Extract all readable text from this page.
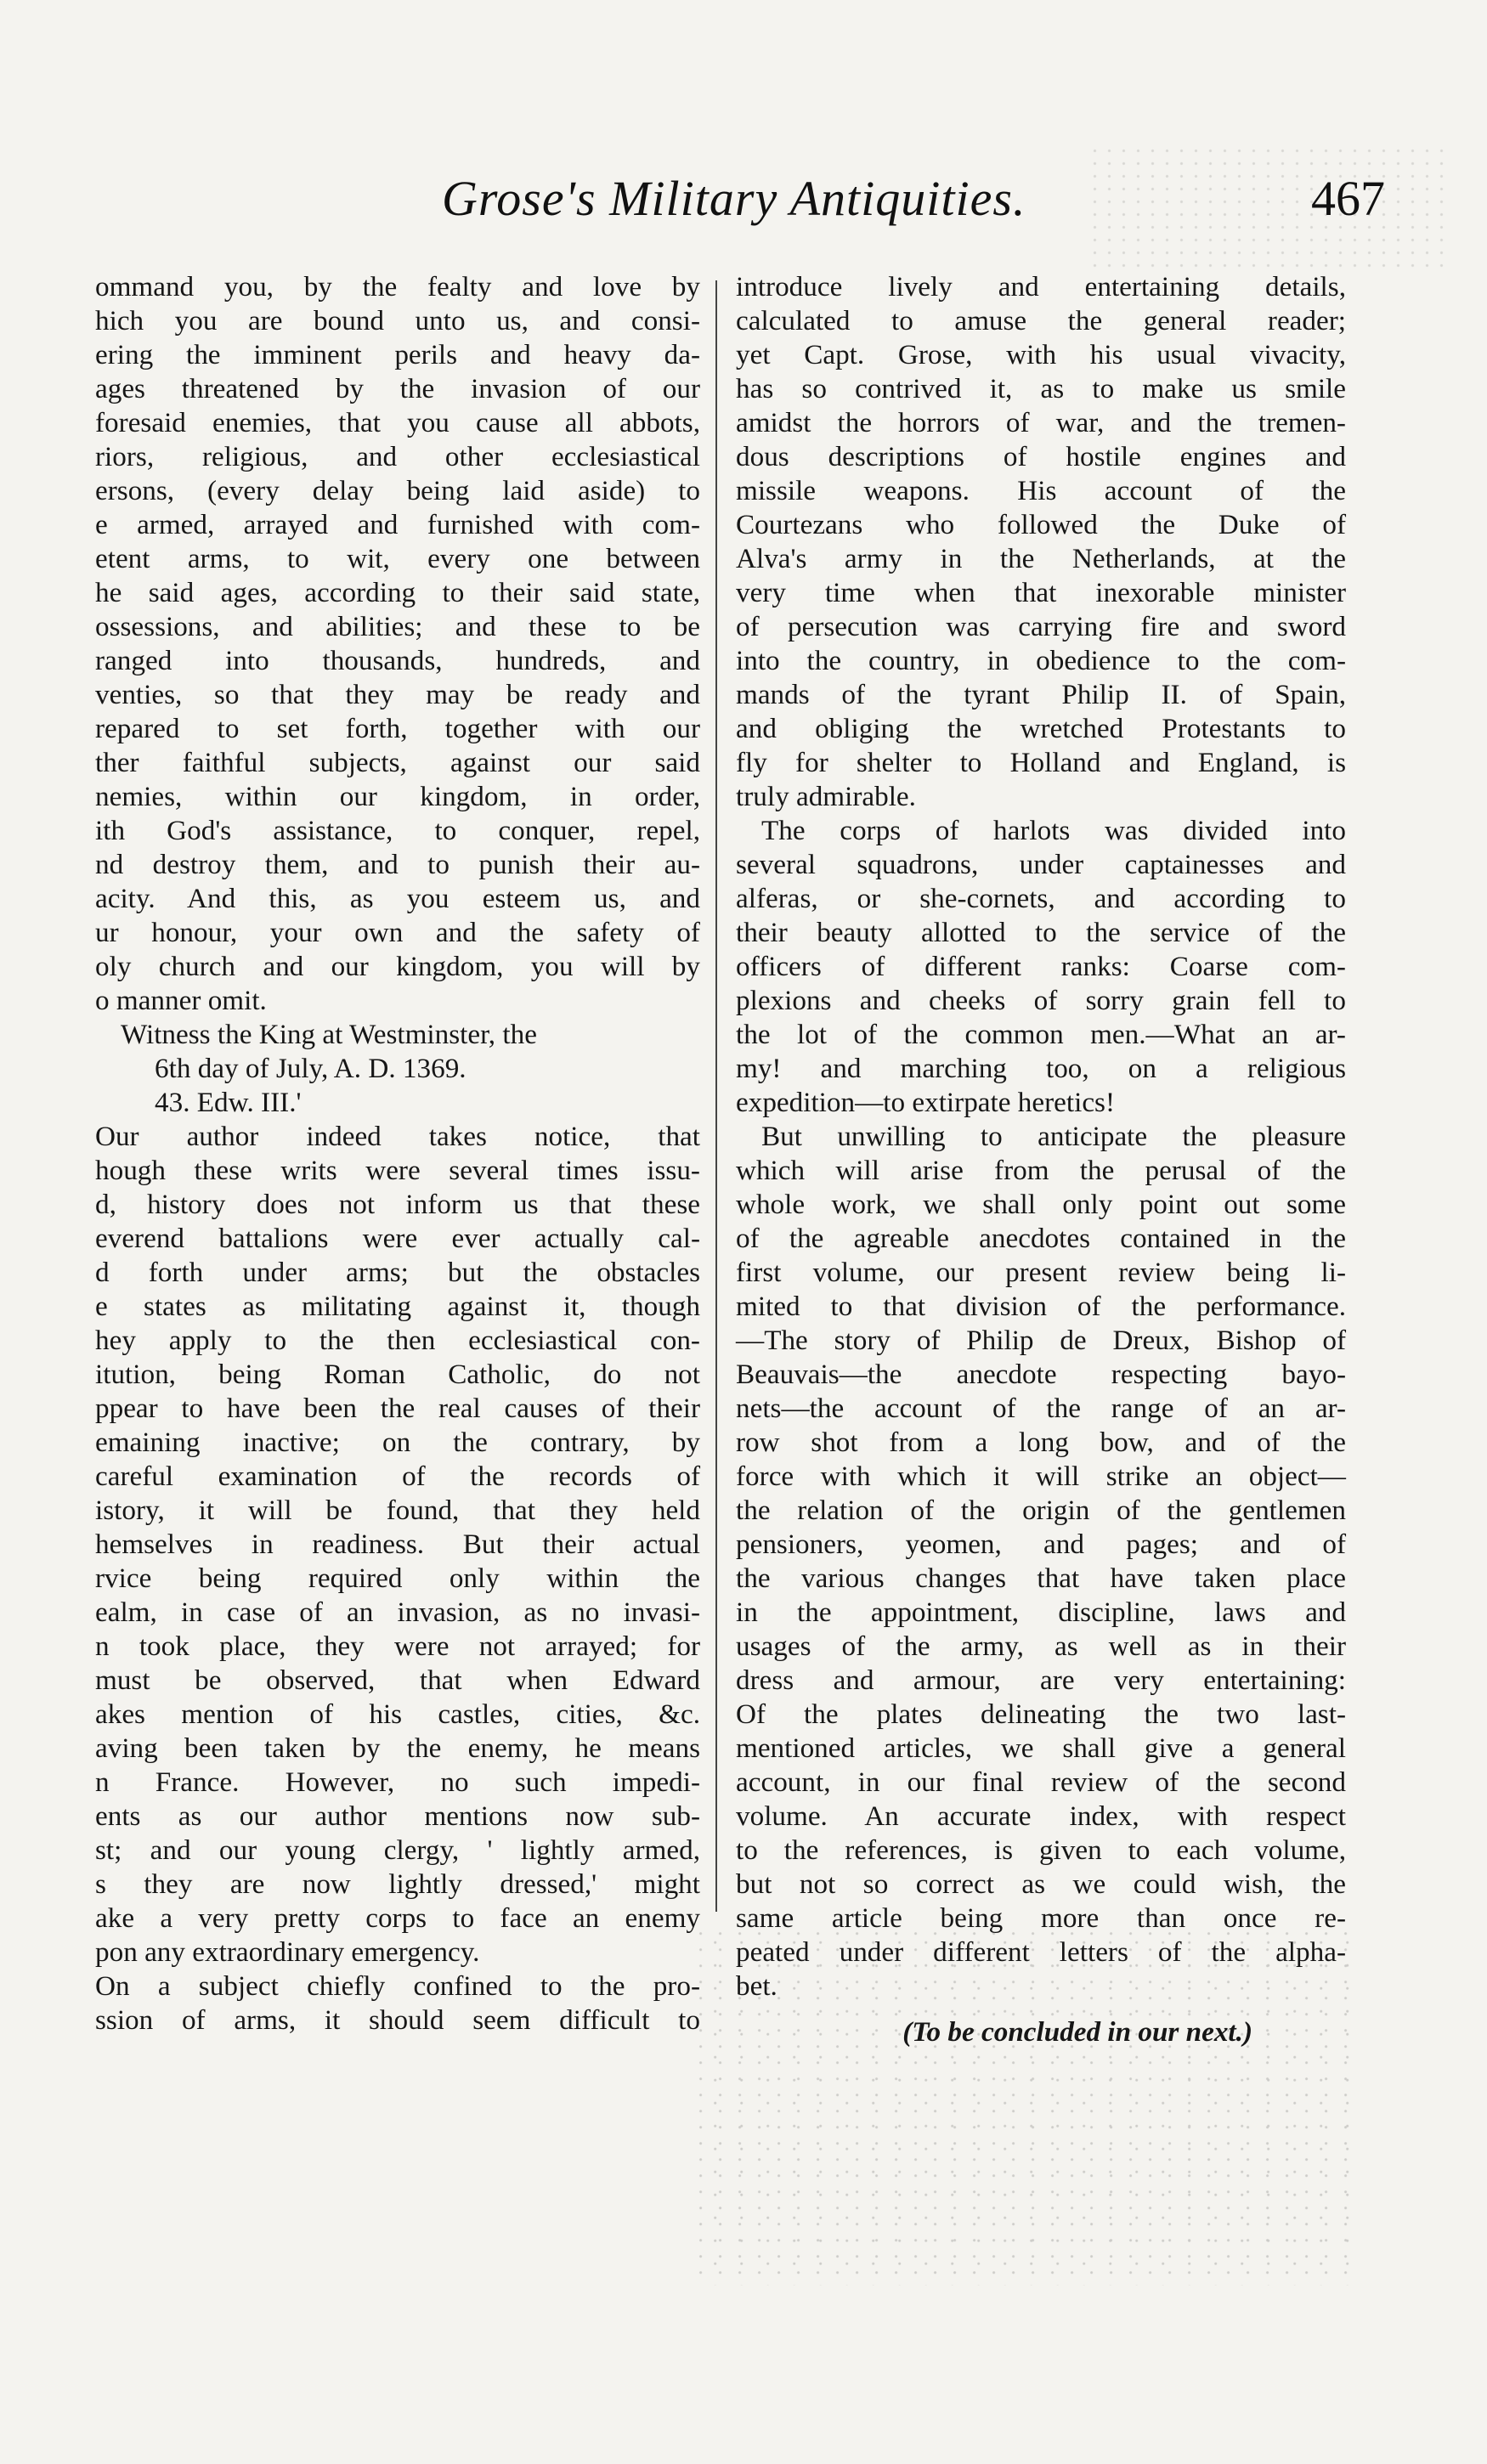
Grose's Military Antiquities.	467
ommand you, by the fealty and love by
hich you are bound unto us, and consi-
ering the imminent perils and heavy da-
ages threatened by the invasion of our
foresaid enemies, that you cause all abbots,
riors, religious, and other ecclesiastical
ersons, (every delay being laid aside) to
e armed, arrayed and furnished with com-
etent arms, to wit, every one between
he said ages, according to their said state,
ossessions, and abilities; and these to be
ranged into thousands, hundreds, and
venties, so that they may be ready and
repared to set forth, together with our
ther faithful subjects, against our said
nemies, within our kingdom, in order,
ith God's assistance, to conquer, repel,
nd destroy them, and to punish their au-
acity. And this, as you esteem us, and
ur honour, your own and the safety of
oly church and our kingdom, you will by
o manner omit.
Witness the King at Westminster, the
6th day of July, A. D. 1369.
43. Edw. III.'
Our author indeed takes notice, that
hough these writs were several times issu-
d, history does not inform us that these
everend battalions were ever actually cal-
d forth under arms; but the obstacles
e states as militating against it, though
hey apply to the then ecclesiastical con-
itution, being Roman Catholic, do not
ppear to have been the real causes of their
emaining inactive; on the contrary, by
careful examination of the records of
istory, it will be found, that they held
hemselves in readiness. But their actual
rvice being required only within the
ealm, in case of an invasion, as no invasi-
n took place, they were not arrayed; for
must be observed, that when Edward
akes mention of his castles, cities, &c.
aving been taken by the enemy, he means
n France. However, no such impedi-
ents as our author mentions now sub-
st; and our young clergy, ' lightly armed,
s they are now lightly dressed,' might
ake a very pretty corps to face an enemy
pon any extraordinary emergency.
On a subject chiefly confined to the pro-
ssion of arms, it should seem difficult to
introduce lively and entertaining details,
calculated to amuse the general reader;
yet Capt. Grose, with his usual vivacity,
has so contrived it, as to make us smile
amidst the horrors of war, and the tremen-
dous descriptions of hostile engines and
missile weapons. His account of the
Courtezans who followed the Duke of
Alva's army in the Netherlands, at the
very time when that inexorable minister
of persecution was carrying fire and sword
into the country, in obedience to the com-
mands of the tyrant Philip II. of Spain,
and obliging the wretched Protestants to
fly for shelter to Holland and England, is
truly admirable.
The corps of harlots was divided into
several squadrons, under captainesses and
alferas, or she-cornets, and according to
their beauty allotted to the service of the
officers of different ranks: Coarse com-
plexions and cheeks of sorry grain fell to
the lot of the common men.—What an ar-
my! and marching too, on a religious
expedition—to extirpate heretics!
But unwilling to anticipate the pleasure
which will arise from the perusal of the
whole work, we shall only point out some
of the agreable anecdotes contained in the
first volume, our present review being li-
mited to that division of the performance.
—The story of Philip de Dreux, Bishop of
Beauvais—the anecdote respecting bayo-
nets—the account of the range of an ar-
row shot from a long bow, and of the
force with which it will strike an object—
the relation of the origin of the gentlemen
pensioners, yeomen, and pages; and of
the various changes that have taken place
in the appointment, discipline, laws and
usages of the army, as well as in their
dress and armour, are very entertaining:
Of the plates delineating the two last-
mentioned articles, we shall give a general
account, in our final review of the second
volume. An accurate index, with respect
to the references, is given to each volume,
but not so correct as we could wish, the
same article being more than once re-
peated under different letters of the alpha-
bet.
(To be concluded in our next.)
